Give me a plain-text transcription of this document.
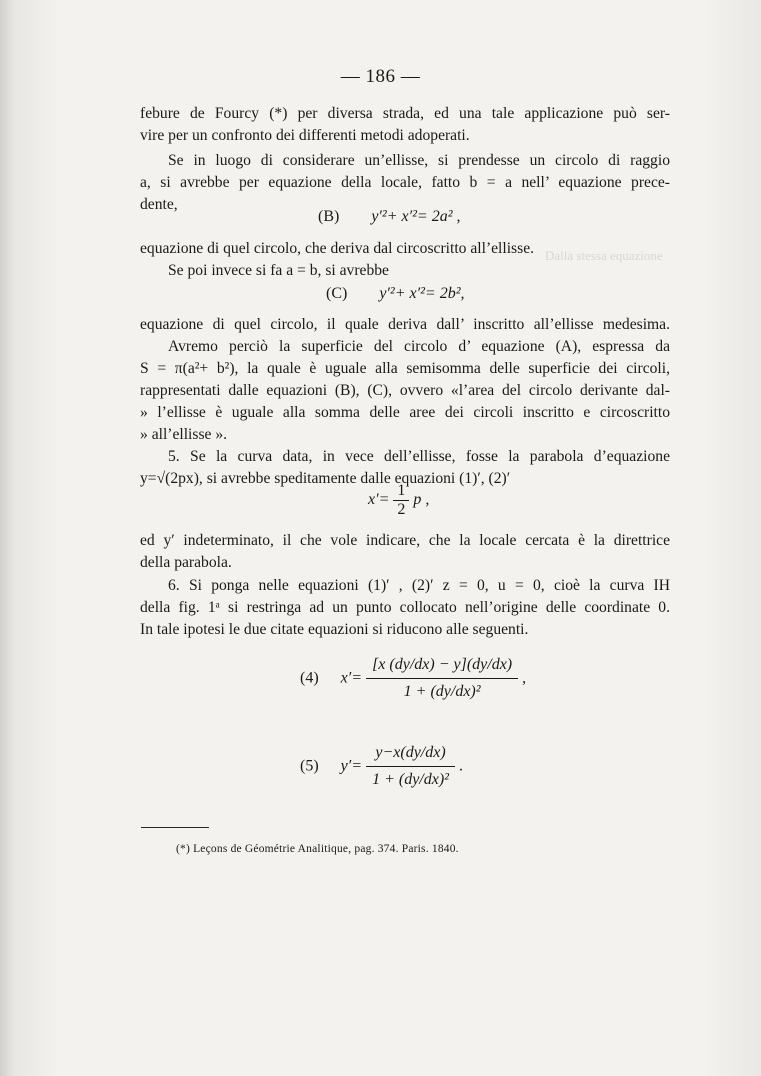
Dalla stessa equazione
— 186 —
febure de Fourcy (*) per diversa strada, ed una tale applicazione può ser-
vire per un confronto dei differenti metodi adoperati.
Se in luogo di considerare un’ellisse, si prendesse un circolo di raggio
a, si avrebbe per equazione della locale, fatto b = a nell’ equazione prece-
dente,
(B) y′²+ x′²= 2a² ,
equazione di quel circolo, che deriva dal circoscritto all’ellisse.
Se poi invece si fa a = b, si avrebbe
(C) y′²+ x′²= 2b²,
equazione di quel circolo, il quale deriva dall’ inscritto all’ellisse medesima.
Avremo perciò la superficie del circolo d’ equazione (A), espressa da
S = π(a²+ b²), la quale è uguale alla semisomma delle superficie dei circoli,
rappresentati dalle equazioni (B), (C), ovvero «l’area del circolo derivante dal-
» l’ellisse è uguale alla somma delle aree dei circoli inscritto e circoscritto
» all’ellisse ».
5. Se la curva data, in vece dell’ellisse, fosse la parabola d’equazione
y=√(2px), si avrebbe speditamente dalle equazioni (1)′, (2)′
$x'= \frac{1}{2}$ p ,
ed y′ indeterminato, il che vole indicare, che la locale cercata è la direttrice
della parabola.
6. Si ponga nelle equazioni (1)′ , (2)′ z = 0, u = 0, cioè la curva IH
della fig. 1ᵃ si restringa ad un punto collocato nell’origine delle coordinate 0.
In tale ipotesi le due citate equazioni si riducono alle seguenti.
(4) $x'= \frac{[x (dy/dx) - y](dy/dx)}{\text{1 + (dy/dx)²}}$ ,
(5) $y'= \frac{y-x(dy/dx)}{\text{1 + (dy/dx)²}}$ .
(*) Leçons de Géométrie Analitique, pag. 374. Paris. 1840.
